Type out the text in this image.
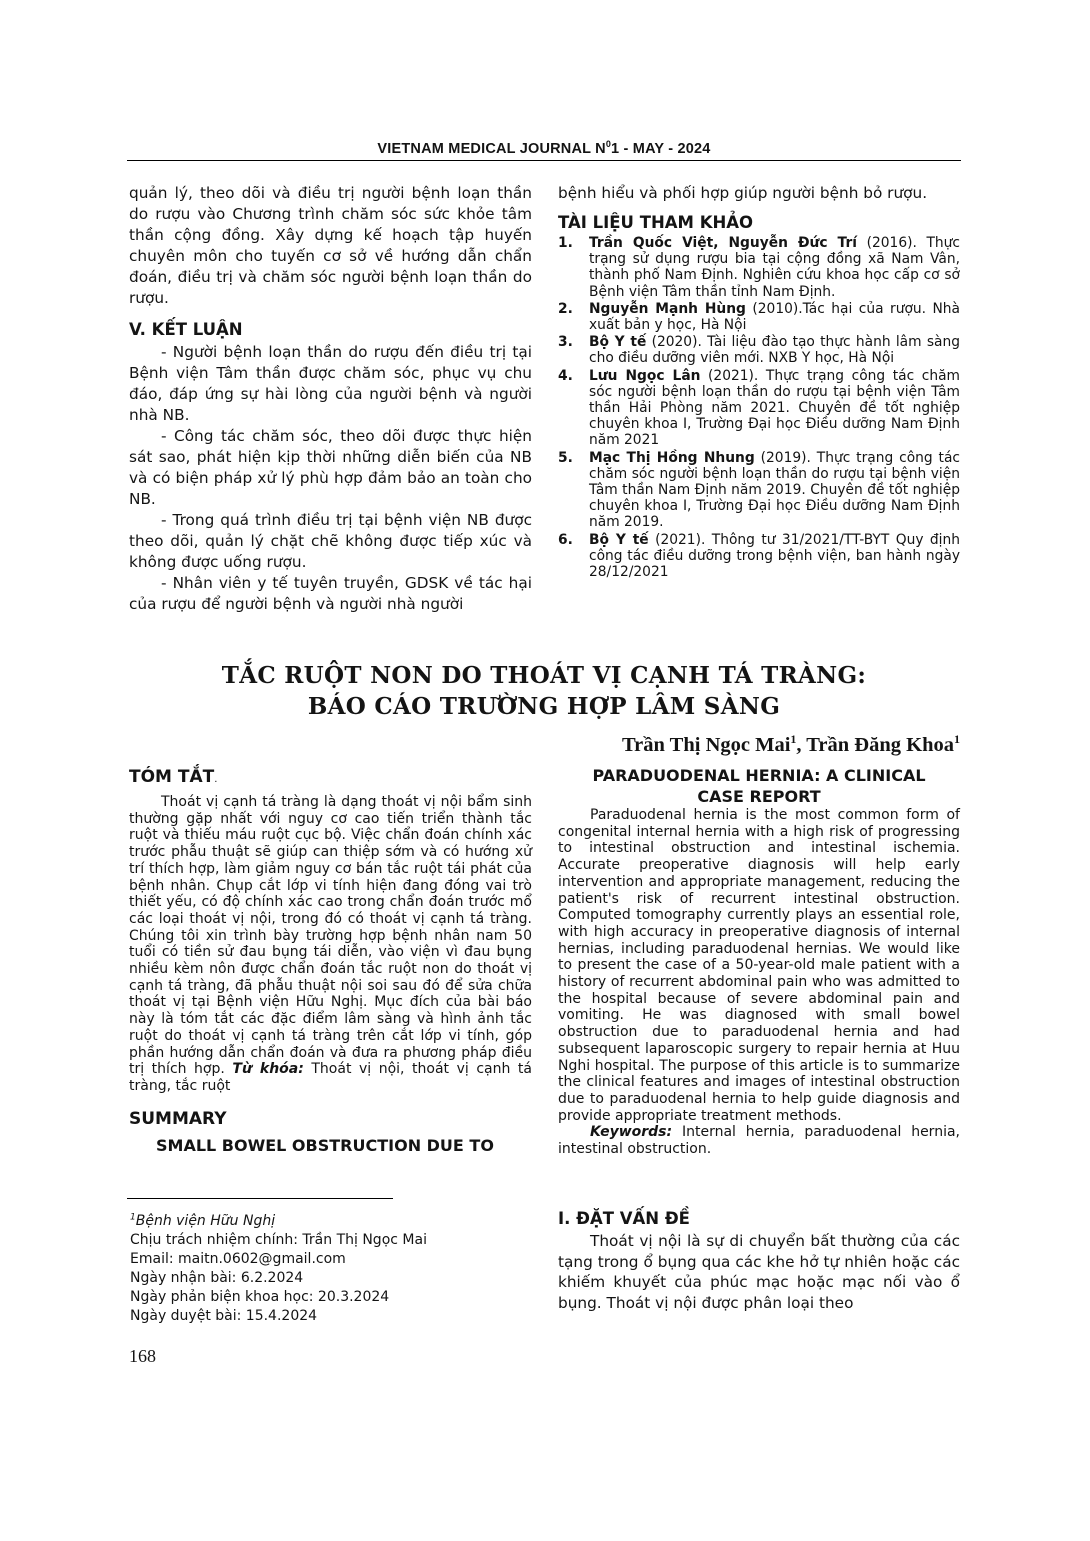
VIETNAM MEDICAL JOURNAL $N^01$ - MAY - 2024

quản lý, theo dõi và điều trị người bệnh loạn thần do rượu vào Chương trình chăm sóc sức khỏe tâm thần cộng đồng. Xây dựng kế hoạch tập huyến chuyên môn cho tuyến cơ sở về hướng dẫn chẩn đoán, điều trị và chăm sóc người bệnh loạn thần do rượu.

V. KẾT LUẬN

- Người bệnh loạn thần do rượu đến điều trị tại Bệnh viện Tâm thần được chăm sóc, phục vụ chu đáo, đáp ứng sự hài lòng của người bệnh và người nhà NB.

- Công tác chăm sóc, theo dõi được thực hiện sát sao, phát hiện kịp thời những diễn biến của NB và có biện pháp xử lý phù hợp đảm bảo an toàn cho NB.

- Trong quá trình điều trị tại bệnh viện NB được theo dõi, quản lý chặt chẽ không được tiếp xúc và không được uống rượu.

- Nhân viên y tế tuyên truyền, GDSK về tác hại của rượu để người bệnh và người nhà người

bệnh hiểu và phối hợp giúp người bệnh bỏ rượu.

TÀI LIỆU THAM KHẢO
1. Trần Quốc Việt, Nguyễn Đức Trí (2016). Thực trạng sử dụng rượu bia tại cộng đồng xã Nam Vân, thành phố Nam Định. Nghiên cứu khoa học cấp cơ sở Bệnh viện Tâm thần tỉnh Nam Định.
2. Nguyễn Mạnh Hùng (2010).Tác hại của rượu. Nhà xuất bản y học, Hà Nội
3. Bộ Y tế (2020). Tài liệu đào tạo thực hành lâm sàng cho điều dưỡng viên mới. NXB Y học, Hà Nội
4. Lưu Ngọc Lân (2021). Thực trạng công tác chăm sóc người bệnh loạn thần do rượu tại bệnh viện Tâm thần Hải Phòng năm 2021. Chuyên đề tốt nghiệp chuyên khoa I, Trường Đại học Điều dưỡng Nam Định năm 2021
5. Mạc Thị Hồng Nhung (2019). Thực trạng công tác chăm sóc người bệnh loạn thần do rượu tại bệnh viện Tâm thần Nam Định năm 2019. Chuyên đề tốt nghiệp chuyên khoa I, Trường Đại học Điều dưỡng Nam Định năm 2019.
6. Bộ Y tế (2021). Thông tư 31/2021/TT-BYT Quy định công tác điều dưỡng trong bệnh viện, ban hành ngày 28/12/2021
TẮC RUỘT NON DO THOÁT VỊ CẠNH TÁ TRÀNG:
BÁO CÁO TRƯỜNG HỢP LÂM SÀNG
Trần Thị Ngọc Mai$^1$, Trần Đăng Khoa$^1$
TÓM TẮT.

Thoát vị cạnh tá tràng là dạng thoát vị nội bẩm sinh thường gặp nhất với nguy cơ cao tiến triển thành tắc ruột và thiếu máu ruột cục bộ. Việc chẩn đoán chính xác trước phẫu thuật sẽ giúp can thiệp sớm và có hướng xử trí thích hợp, làm giảm nguy cơ bán tắc ruột tái phát của bệnh nhân. Chụp cắt lớp vi tính hiện đang đóng vai trò thiết yếu, có độ chính xác cao trong chẩn đoán trước mổ các loại thoát vị nội, trong đó có thoát vị cạnh tá tràng. Chúng tôi xin trình bày trường hợp bệnh nhân nam 50 tuổi có tiền sử đau bụng tái diễn, vào viện vì đau bụng nhiều kèm nôn được chẩn đoán tắc ruột non do thoát vị cạnh tá tràng, đã phẫu thuật nội soi sau đó để sửa chữa thoát vị tại Bệnh viện Hữu Nghị. Mục đích của bài báo này là tóm tắt các đặc điểm lâm sàng và hình ảnh tắc ruột do thoát vị cạnh tá tràng trên cắt lớp vi tính, góp phần hướng dẫn chẩn đoán và đưa ra phương pháp điều trị thích hợp. Từ khóa: Thoát vị nội, thoát vị cạnh tá tràng, tắc ruột

SUMMARY
SMALL BOWEL OBSTRUCTION DUE TO
PARADUODENAL HERNIA: A CLINICAL
CASE REPORT

Paraduodenal hernia is the most common form of congenital internal hernia with a high risk of progressing to intestinal obstruction and intestinal ischemia. Accurate preoperative diagnosis will help early intervention and appropriate management, reducing the patient's risk of recurrent intestinal obstruction. Computed tomography currently plays an essential role, with high accuracy in preoperative diagnosis of internal hernias, including paraduodenal hernias. We would like to present the case of a 50-year-old male patient with a history of recurrent abdominal pain who was admitted to the hospital because of severe abdominal pain and vomiting. He was diagnosed with small bowel obstruction due to paraduodenal hernia and had subsequent laparoscopic surgery to repair hernia at Huu Nghi hospital. The purpose of this article is to summarize the clinical features and images of intestinal obstruction due to paraduodenal hernia to help guide diagnosis and provide appropriate treatment methods.

Keywords: Internal hernia, paraduodenal hernia, intestinal obstruction.

I. ĐẶT VẤN ĐỀ

Thoát vị nội là sự di chuyển bất thường của các tạng trong ổ bụng qua các khe hở tự nhiên hoặc các khiếm khuyết của phúc mạc hoặc mạc nối vào ổ bụng. Thoát vị nội được phân loại theo

$^1$Bệnh viện Hữu Nghị
Chịu trách nhiệm chính: Trần Thị Ngọc Mai
Email: maitn.0602@gmail.com
Ngày nhận bài: 6.2.2024
Ngày phản biện khoa học: 20.3.2024
Ngày duyệt bài: 15.4.2024
168
